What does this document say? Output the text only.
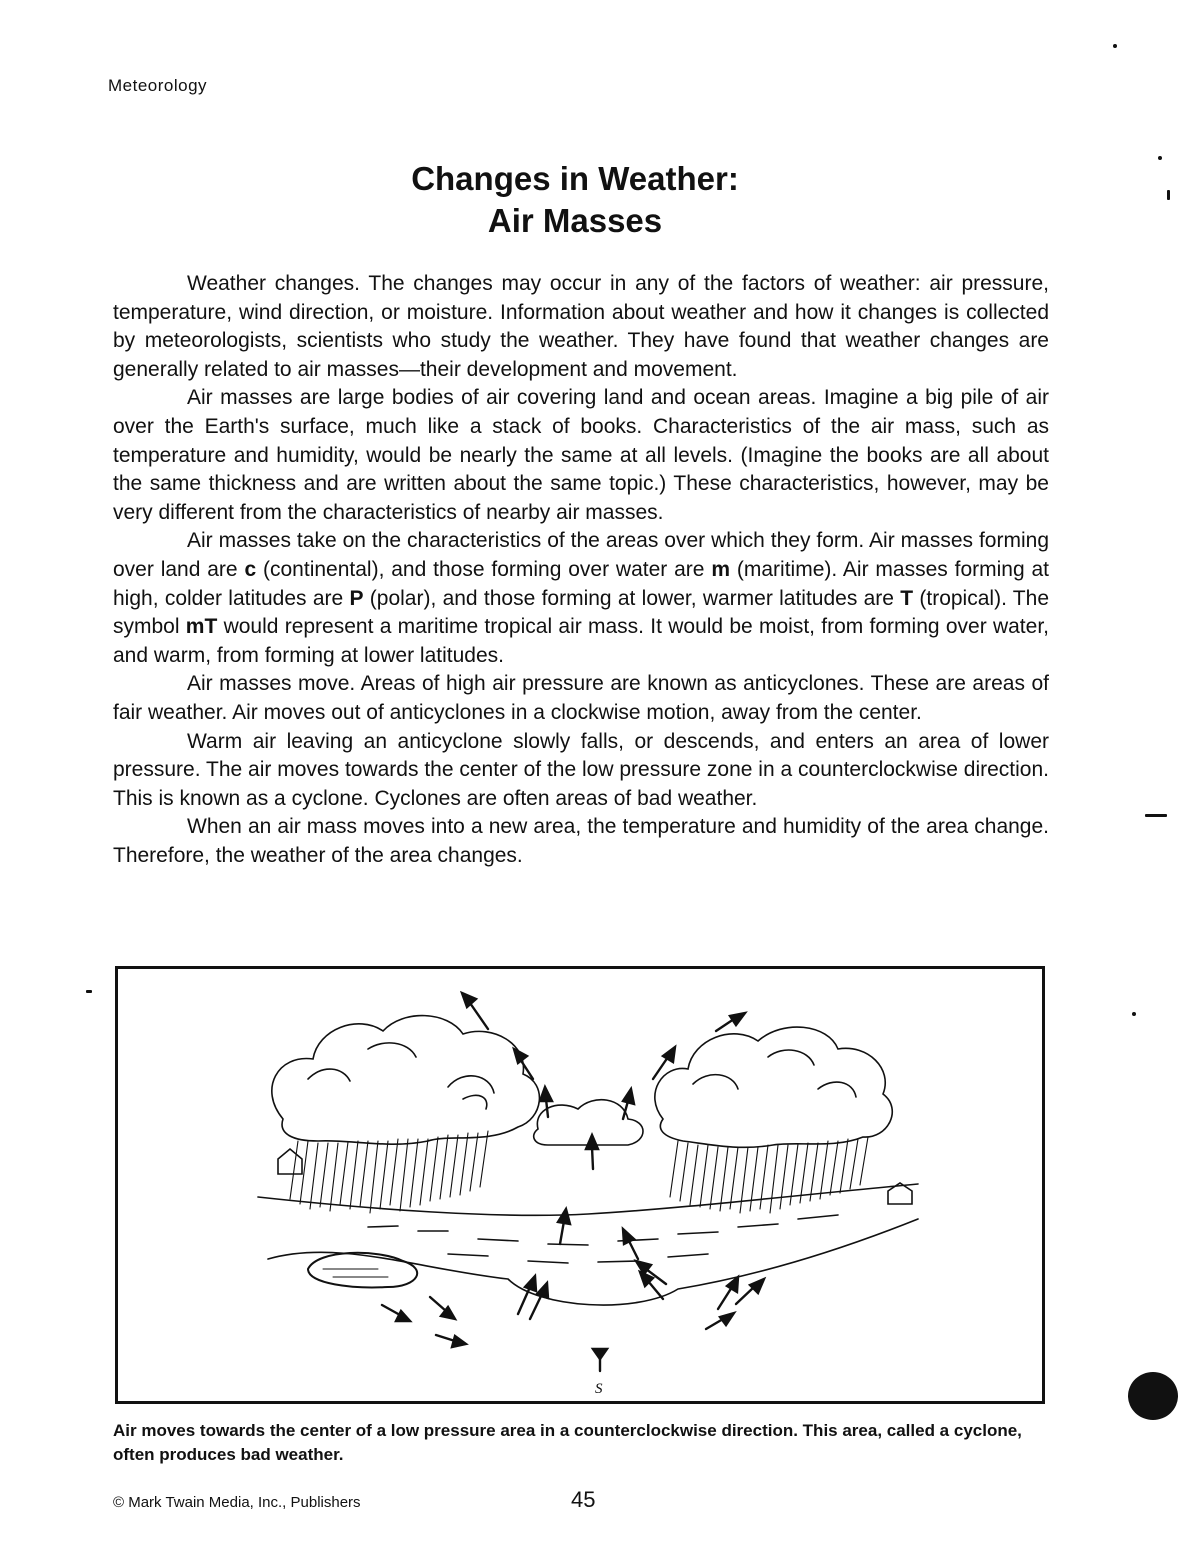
Meteorology
Changes in Weather:
Air Masses

Weather changes. The changes may occur in any of the factors of weather: air pressure, temperature, wind direction, or moisture. Information about weather and how it changes is collected by meteorologists, scientists who study the weather. They have found that weather changes are generally related to air masses—their development and movement.

Air masses are large bodies of air covering land and ocean areas. Imagine a big pile of air over the Earth's surface, much like a stack of books. Characteristics of the air mass, such as temperature and humidity, would be nearly the same at all levels. (Imagine the books are all about the same thickness and are written about the same topic.) These characteristics, however, may be very different from the characteristics of nearby air masses.

Air masses take on the characteristics of the areas over which they form. Air masses forming over land are c (continental), and those forming over water are m (maritime). Air masses forming at high, colder latitudes are P (polar), and those forming at lower, warmer latitudes are T (tropical). The symbol mT would represent a maritime tropical air mass. It would be moist, from forming over water, and warm, from forming at lower latitudes.

Air masses move. Areas of high air pressure are known as anticyclones. These are areas of fair weather. Air moves out of anticyclones in a clockwise motion, away from the center.

Warm air leaving an anticyclone slowly falls, or descends, and enters an area of lower pressure. The air moves towards the center of the low pressure zone in a counterclockwise direction. This is known as a cyclone. Cyclones are often areas of bad weather.

When an air mass moves into a new area, the temperature and humidity of the area change. Therefore, the weather of the area changes.

S
Air moves towards the center of a low pressure area in a counterclockwise direction. This area, called a cyclone, often produces bad weather.
© Mark Twain Media, Inc., Publishers	45
